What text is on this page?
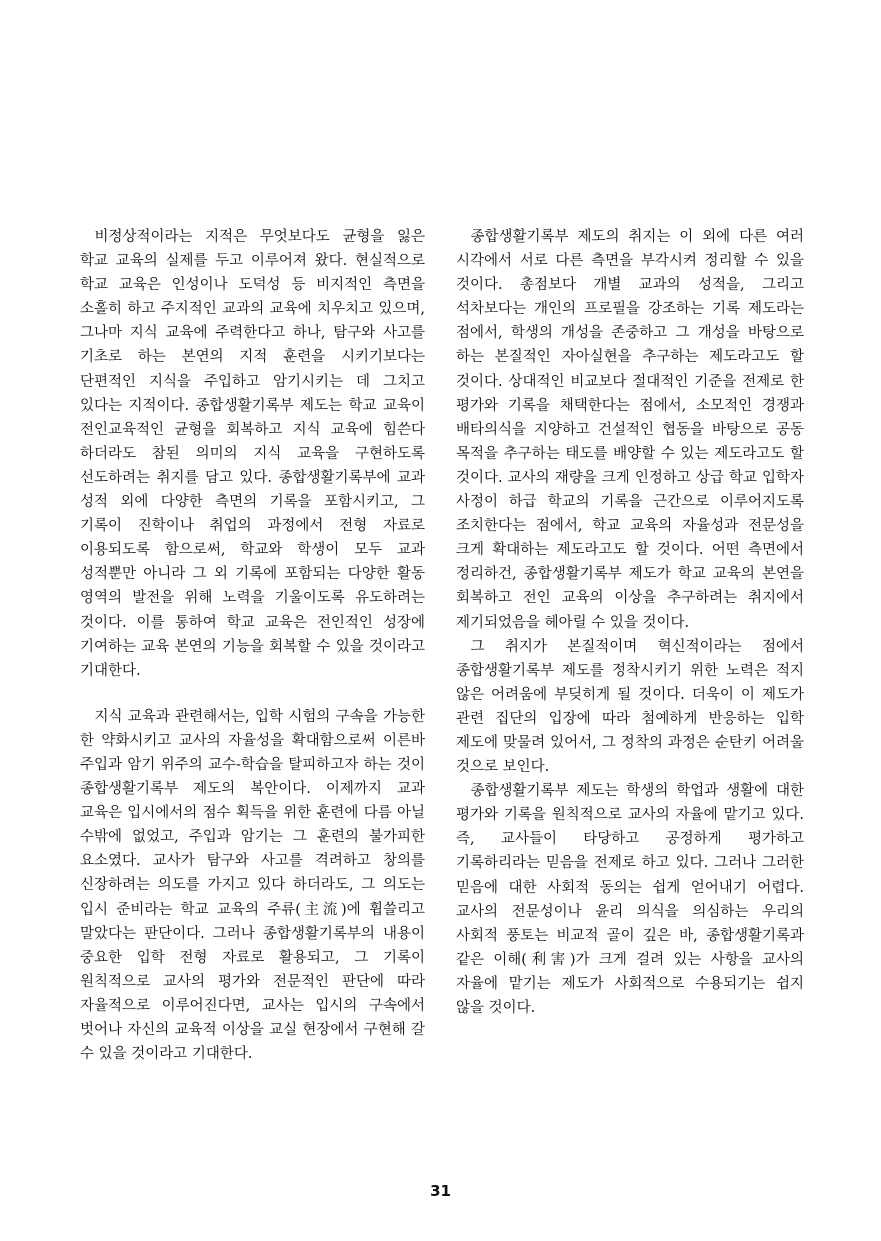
비정상적이라는 지적은 무엇보다도 균형을 잃은 학교 교육의 실제를 두고 이루어져 왔다. 현실적으로 학교 교육은 인성이나 도덕성 등 비지적인 측면을 소홀히 하고 주지적인 교과의 교육에 치우치고 있으며, 그나마 지식 교육에 주력한다고 하나, 탐구와 사고를 기초로 하는 본연의 지적 훈련을 시키기보다는 단편적인 지식을 주입하고 암기시키는 데 그치고 있다는 지적이다. 종합생활기록부 제도는 학교 교육이 전인교육적인 균형을 회복하고 지식 교육에 힘쓴다 하더라도 참된 의미의 지식 교육을 구현하도록 선도하려는 취지를 담고 있다. 종합생활기록부에 교과 성적 외에 다양한 측면의 기록을 포함시키고, 그 기록이 진학이나 취업의 과정에서 전형 자료로 이용되도록 함으로써, 학교와 학생이 모두 교과 성적뿐만 아니라 그 외 기록에 포함되는 다양한 활동 영역의 발전을 위해 노력을 기울이도록 유도하려는 것이다. 이를 통하여 학교 교육은 전인적인 성장에 기여하는 교육 본연의 기능을 회복할 수 있을 것이라고 기대한다.

지식 교육과 관련해서는, 입학 시험의 구속을 가능한 한 약화시키고 교사의 자율성을 확대함으로써 이른바 주입과 암기 위주의 교수-학습을 탈피하고자 하는 것이 종합생활기록부 제도의 복안이다. 이제까지 교과 교육은 입시에서의 점수 획득을 위한 훈련에 다름 아닐 수밖에 없었고, 주입과 암기는 그 훈련의 불가피한 요소였다. 교사가 탐구와 사고를 격려하고 창의를 신장하려는 의도를 가지고 있다 하더라도, 그 의도는 입시 준비라는 학교 교육의 주류(主流)에 휩쓸리고 말았다는 판단이다. 그러나 종합생활기록부의 내용이 중요한 입학 전형 자료로 활용되고, 그 기록이 원칙적으로 교사의 평가와 전문적인 판단에 따라 자율적으로 이루어진다면, 교사는 입시의 구속에서 벗어나 자신의 교육적 이상을 교실 현장에서 구현해 갈 수 있을 것이라고 기대한다.

종합생활기록부 제도의 취지는 이 외에 다른 여러 시각에서 서로 다른 측면을 부각시켜 정리할 수 있을 것이다. 총점보다 개별 교과의 성적을, 그리고 석차보다는 개인의 프로필을 강조하는 기록 제도라는 점에서, 학생의 개성을 존중하고 그 개성을 바탕으로 하는 본질적인 자아실현을 추구하는 제도라고도 할 것이다. 상대적인 비교보다 절대적인 기준을 전제로 한 평가와 기록을 채택한다는 점에서, 소모적인 경쟁과 배타의식을 지양하고 건설적인 협동을 바탕으로 공동 목적을 추구하는 태도를 배양할 수 있는 제도라고도 할 것이다. 교사의 재량을 크게 인정하고 상급 학교 입학자 사정이 하급 학교의 기록을 근간으로 이루어지도록 조치한다는 점에서, 학교 교육의 자율성과 전문성을 크게 확대하는 제도라고도 할 것이다. 어떤 측면에서 정리하건, 종합생활기록부 제도가 학교 교육의 본연을 회복하고 전인 교육의 이상을 추구하려는 취지에서 제기되었음을 헤아릴 수 있을 것이다.

그 취지가 본질적이며 혁신적이라는 점에서 종합생활기록부 제도를 정착시키기 위한 노력은 적지 않은 어려움에 부딪히게 될 것이다. 더욱이 이 제도가 관련 집단의 입장에 따라 첨예하게 반응하는 입학 제도에 맞물려 있어서, 그 정착의 과정은 순탄키 어려울 것으로 보인다.

종합생활기록부 제도는 학생의 학업과 생활에 대한 평가와 기록을 원칙적으로 교사의 자율에 맡기고 있다. 즉, 교사들이 타당하고 공정하게 평가하고 기록하리라는 믿음을 전제로 하고 있다. 그러나 그러한 믿음에 대한 사회적 동의는 쉽게 얻어내기 어렵다. 교사의 전문성이나 윤리 의식을 의심하는 우리의 사회적 풍토는 비교적 골이 깊은 바, 종합생활기록과 같은 이해(利害)가 크게 걸려 있는 사항을 교사의 자율에 맡기는 제도가 사회적으로 수용되기는 쉽지 않을 것이다.

31
